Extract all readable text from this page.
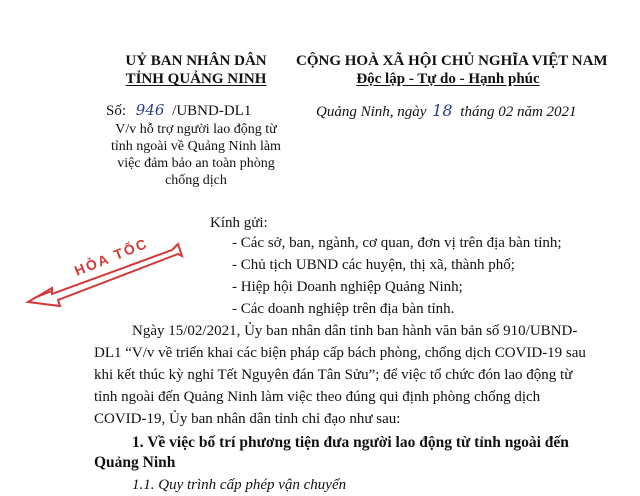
UỶ BAN NHÂN DÂN
TỈNH QUẢNG NINH
CỘNG HOÀ XÃ HỘI CHỦ NGHĨA VIỆT NAM
Độc lập - Tự do - Hạnh phúc
Số: 946 /UBND-DL1
V/v hỗ trợ người lao động từ
tỉnh ngoài về Quảng Ninh làm
việc đảm bảo an toàn phòng
chống dịch
Quảng Ninh, ngày 18 tháng 02 năm 2021
Kính gửi:
- Các sở, ban, ngành, cơ quan, đơn vị trên địa bàn tỉnh;
- Chủ tịch UBND các huyện, thị xã, thành phố;
- Hiệp hội Doanh nghiệp Quảng Ninh;
- Các doanh nghiệp trên địa bàn tỉnh.
HỎA TỐC
Ngày 15/02/2021, Ủy ban nhân dân tỉnh ban hành văn bản số 910/UBND-
DL1 “V/v về triển khai các biện pháp cấp bách phòng, chống dịch COVID-19 sau
khi kết thúc kỳ nghỉ Tết Nguyên đán Tân Sửu”; để việc tổ chức đón lao động từ
tỉnh ngoài đến Quảng Ninh làm việc theo đúng qui định phòng chống dịch
COVID-19, Ủy ban nhân dân tỉnh chỉ đạo như sau:
1. Về việc bố trí phương tiện đưa người lao động từ tỉnh ngoài đến
Quảng Ninh
1.1. Quy trình cấp phép vận chuyển
